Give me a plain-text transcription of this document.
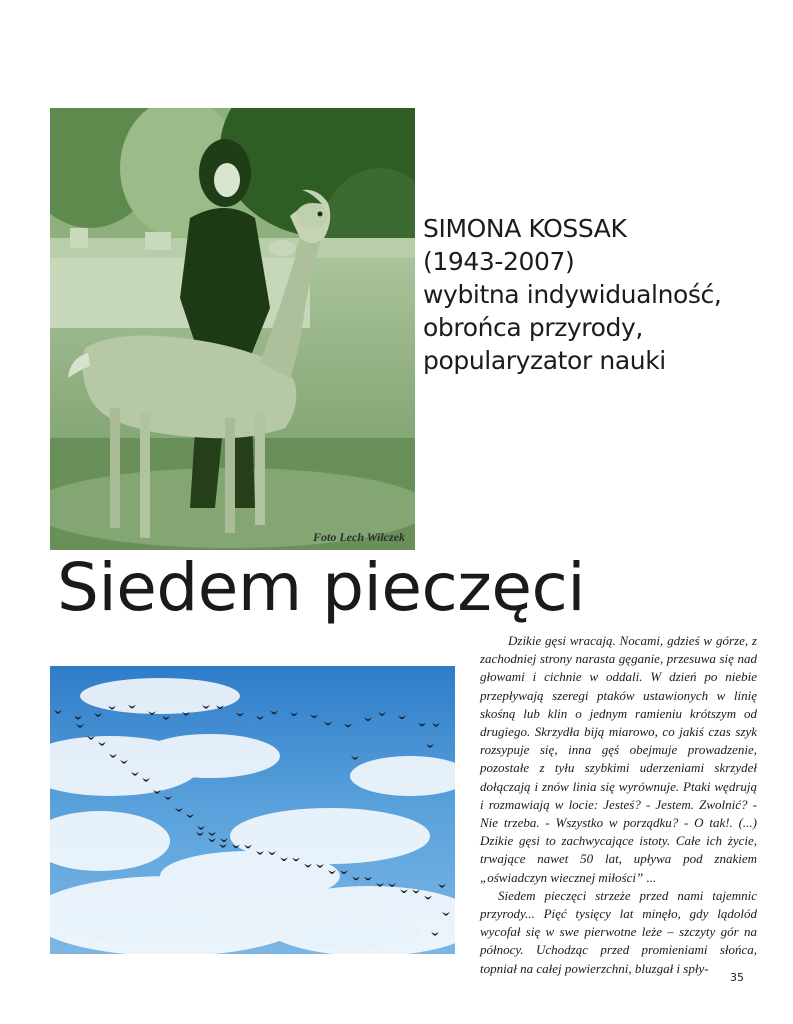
Foto Lech Wilczek
SIMONA KOSSAK
(1943-2007)
wybitna indywidualność,
obrońca przyrody,
popularyzator nauki
Siedem pieczęci

Dzikie gęsi wracają. Nocami, gdzieś w górze, z zachodniej strony narasta gęganie, przesuwa się nad głowami i cichnie w oddali. W dzień po niebie przepływają szeregi ptaków ustawionych w linię skośną lub klin o jednym ramieniu krótszym od drugiego. Skrzydła biją miarowo, co jakiś czas szyk rozsypuje się, inna gęś obejmuje prowadzenie, pozostałe z tyłu szybkimi uderzeniami skrzydeł dołączają i znów linia się wyrównuje. Ptaki wędrują i rozmawiają w locie: Jesteś? - Jestem. Zwolnić? - Nie trzeba. - Wszystko w porządku? - O tak!. (...) Dzikie gęsi to zachwycające istoty. Całe ich życie, trwające nawet 50 lat, upływa pod znakiem „oświadczyn wiecznej miłości” ...

Siedem pieczęci strzeże przed nami tajemnic przyrody... Pięć tysięcy lat minęło, gdy lądolód wycofał się w swe pierwotne leże – szczyty gór na północy. Uchodząc przed promieniami słońca, topniał na całej powierzchni, bluzgał i spły-

35
